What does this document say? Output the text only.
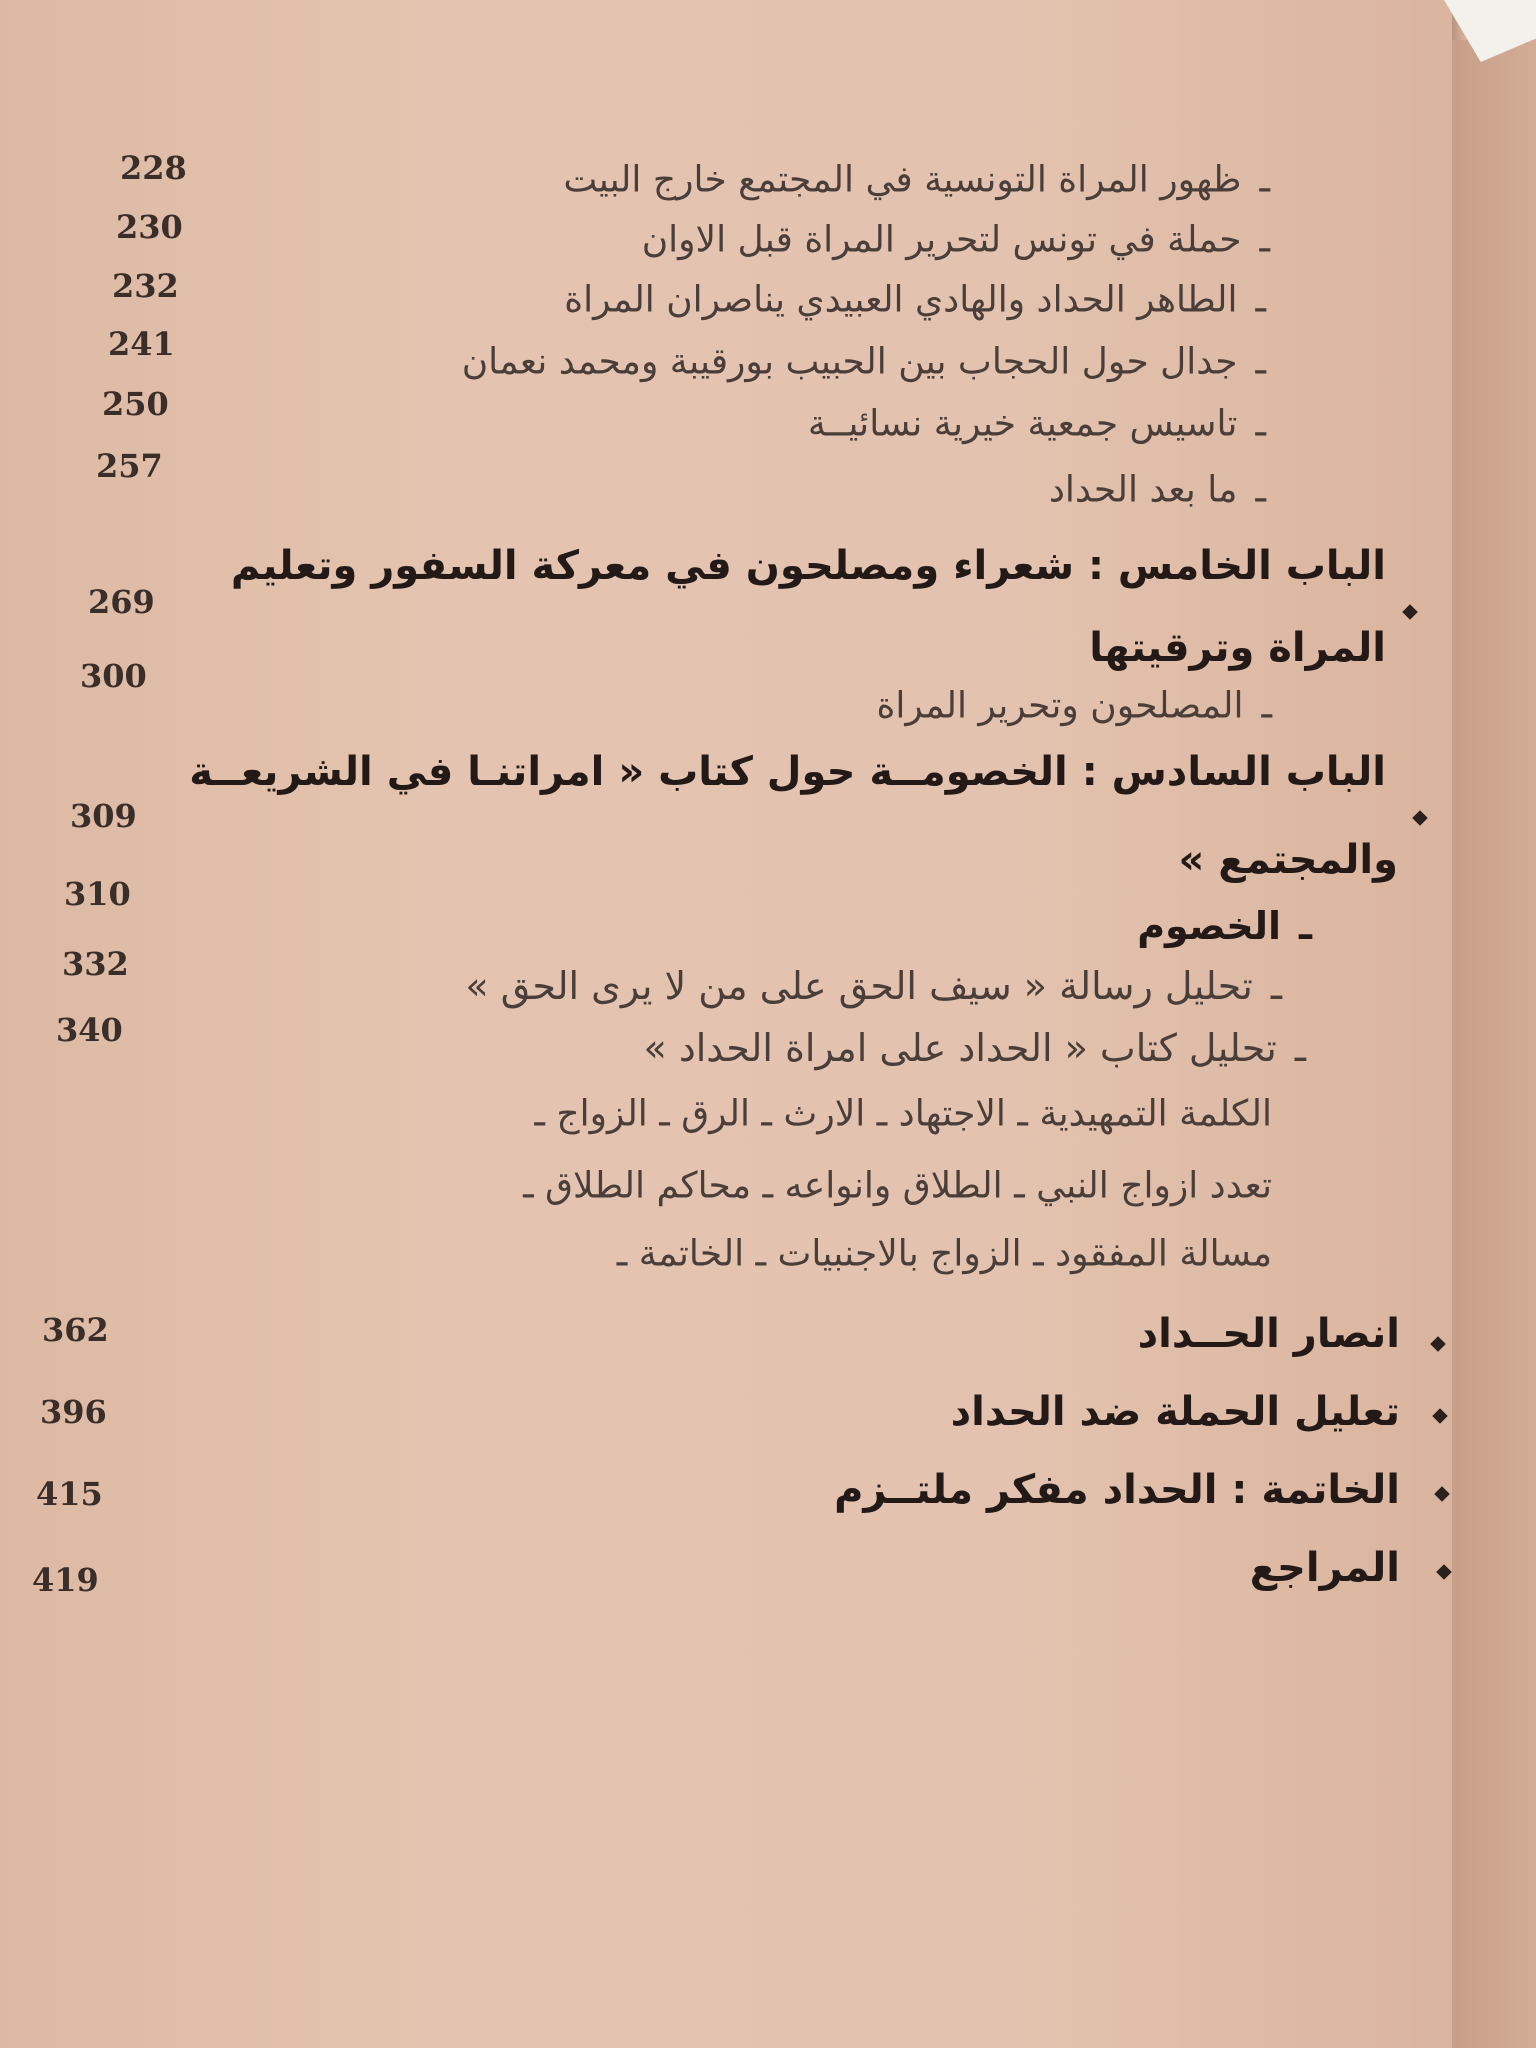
ـظهور المراة التونسية في المجتمع خارج البيت
228
ـحملة في تونس لتحرير المراة قبل الاوان
230
ـالطاهر الحداد والهادي العبيدي يناصران المراة
232
ـجدال حول الحجاب بين الحبيب بورقيبة ومحمد نعمان
241
ـتاسيس جمعية خيرية نسائيــة
250
ـما بعد الحداد
257
الباب الخامس : شعراء ومصلحون في معركة السفور وتعليم
المراة وترقيتها
269
ـالمصلحون وتحرير المراة
300
الباب السادس : الخصومــة حول كتاب « امراتنـا في الشريعــة
والمجتمع »
309
ـالخصوم
310
ـتحليل رسالة « سيف الحق على من لا يرى الحق »
332
ـتحليل كتاب « الحداد على امراة الحداد »
340
الكلمة التمهيدية ـ الاجتهاد ـ الارث ـ الرق ـ الزواج ـ
تعدد ازواج النبي ـ الطلاق وانواعه ـ محاكم الطلاق ـ
مسالة المفقود ـ الزواج بالاجنبيات ـ الخاتمة ـ
انصار الحــداد
362
تعليل الحملة ضد الحداد
396
الخاتمة : الحداد مفكر ملتــزم
415
المراجع
419
